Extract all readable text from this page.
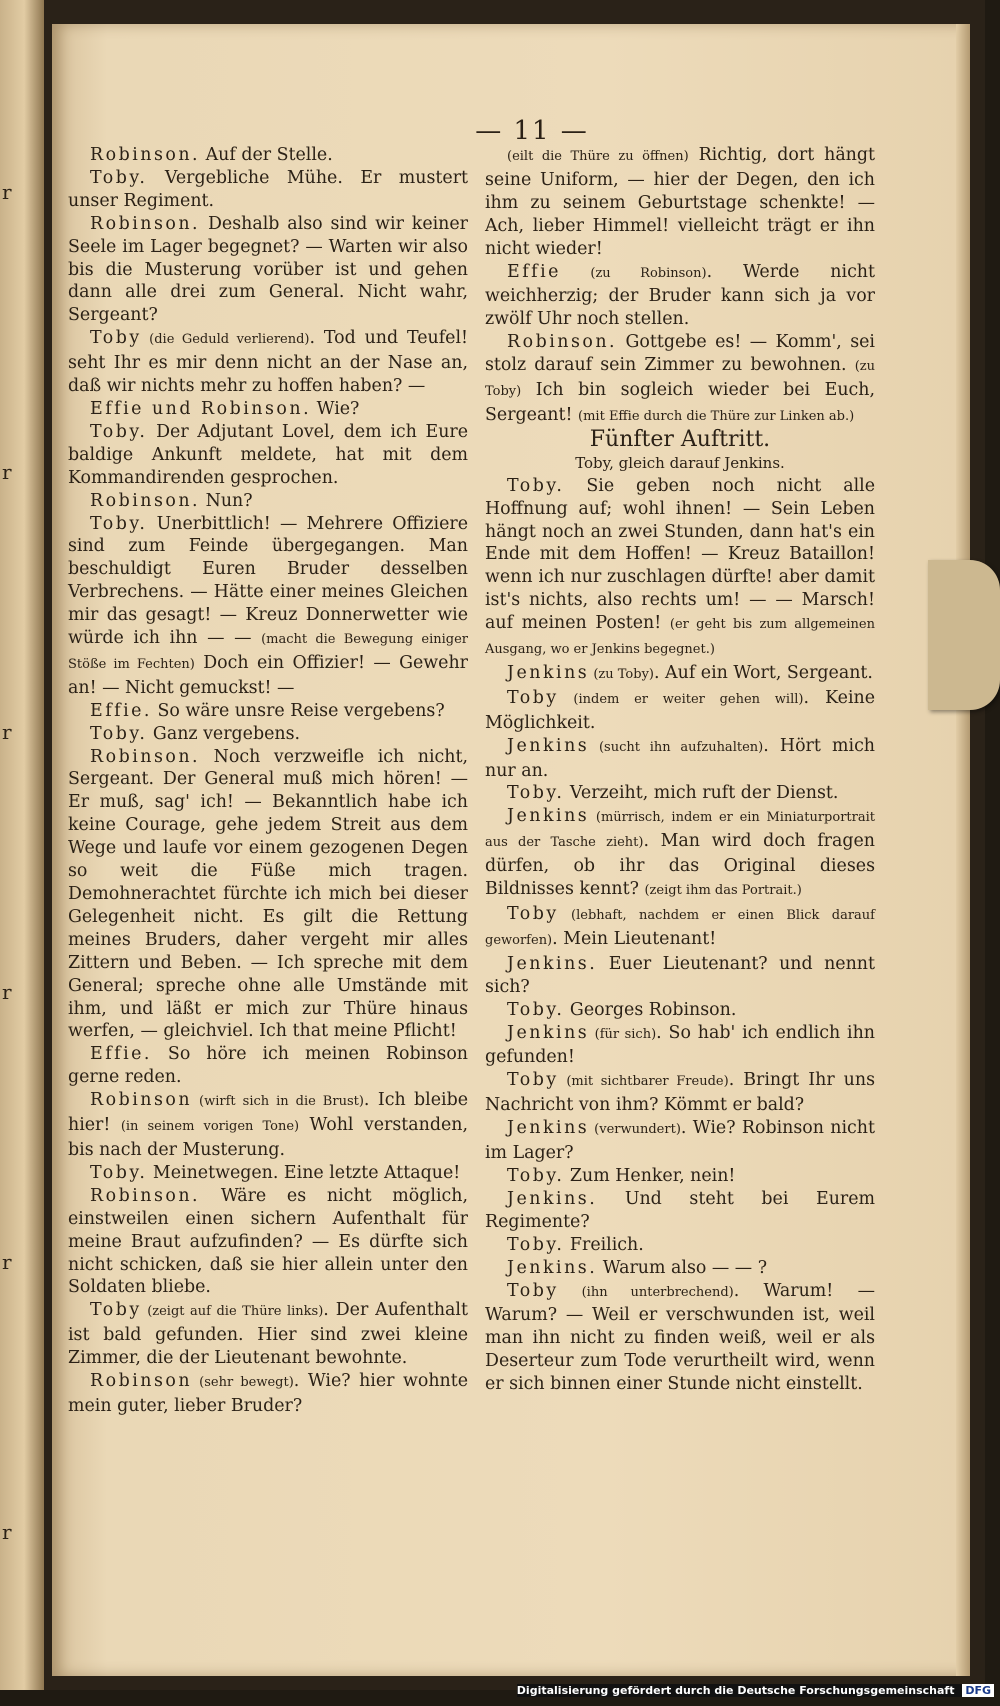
r
r
r
r
r
r
— 11 —

Robinson. Auf der Stelle.

Toby. Vergebliche Mühe. Er mustert unser Regiment.

Robinson. Deshalb also sind wir keiner Seele im Lager begegnet? — Warten wir also bis die Musterung vorüber ist und gehen dann alle drei zum General. Nicht wahr, Sergeant?

Toby (die Geduld verlierend). Tod und Teufel! seht Ihr es mir denn nicht an der Nase an, daß wir nichts mehr zu hoffen haben? —

Effie und Robinson. Wie?

Toby. Der Adjutant Lovel, dem ich Eure baldige Ankunft meldete, hat mit dem Kommandirenden gesprochen.

Robinson. Nun?

Toby. Unerbittlich! — Mehrere Offiziere sind zum Feinde übergegangen. Man beschuldigt Euren Bruder desselben Verbrechens. — Hätte einer meines Gleichen mir das gesagt! — Kreuz Donnerwetter wie würde ich ihn — — (macht die Bewegung einiger Stöße im Fechten) Doch ein Offizier! — Gewehr an! — Nicht gemuckst! —

Effie. So wäre unsre Reise vergebens?

Toby. Ganz vergebens.

Robinson. Noch verzweifle ich nicht, Sergeant. Der General muß mich hören! — Er muß, sag' ich! — Bekanntlich habe ich keine Courage, gehe jedem Streit aus dem Wege und laufe vor einem gezogenen Degen so weit die Füße mich tragen. Demohnerachtet fürchte ich mich bei dieser Gelegenheit nicht. Es gilt die Rettung meines Bruders, daher vergeht mir alles Zittern und Beben. — Ich spreche mit dem General; spreche ohne alle Umstände mit ihm, und läßt er mich zur Thüre hinaus werfen, — gleichviel. Ich that meine Pflicht!

Effie. So höre ich meinen Robinson gerne reden.

Robinson (wirft sich in die Brust). Ich bleibe hier! (in seinem vorigen Tone) Wohl verstanden, bis nach der Musterung.

Toby. Meinetwegen. Eine letzte Attaque!

Robinson. Wäre es nicht möglich, einstweilen einen sichern Aufenthalt für meine Braut aufzufinden? — Es dürfte sich nicht schicken, daß sie hier allein unter den Soldaten bliebe.

Toby (zeigt auf die Thüre links). Der Aufenthalt ist bald gefunden. Hier sind zwei kleine Zimmer, die der Lieutenant bewohnte.

Robinson (sehr bewegt). Wie? hier wohnte mein guter, lieber Bruder?

(eilt die Thüre zu öffnen) Richtig, dort hängt seine Uniform, — hier der Degen, den ich ihm zu seinem Geburtstage schenkte! — Ach, lieber Himmel! vielleicht trägt er ihn nicht wieder!

Effie (zu Robinson). Werde nicht weichherzig; der Bruder kann sich ja vor zwölf Uhr noch stellen.

Robinson. Gottgebe es! — Komm', sei stolz darauf sein Zimmer zu bewohnen. (zu Toby) Ich bin sogleich wieder bei Euch, Sergeant! (mit Effie durch die Thüre zur Linken ab.)

Fünfter Auftritt.

Toby, gleich darauf Jenkins.

Toby. Sie geben noch nicht alle Hoffnung auf; wohl ihnen! — Sein Leben hängt noch an zwei Stunden, dann hat's ein Ende mit dem Hoffen! — Kreuz Bataillon! wenn ich nur zuschlagen dürfte! aber damit ist's nichts, also rechts um! — — Marsch! auf meinen Posten! (er geht bis zum allgemeinen Ausgang, wo er Jenkins begegnet.)

Jenkins (zu Toby). Auf ein Wort, Sergeant.

Toby (indem er weiter gehen will). Keine Möglichkeit.

Jenkins (sucht ihn aufzuhalten). Hört mich nur an.

Toby. Verzeiht, mich ruft der Dienst.

Jenkins (mürrisch, indem er ein Miniaturportrait aus der Tasche zieht). Man wird doch fragen dürfen, ob ihr das Original dieses Bildnisses kennt? (zeigt ihm das Portrait.)

Toby (lebhaft, nachdem er einen Blick darauf geworfen). Mein Lieutenant!

Jenkins. Euer Lieutenant? und nennt sich?

Toby. Georges Robinson.

Jenkins (für sich). So hab' ich endlich ihn gefunden!

Toby (mit sichtbarer Freude). Bringt Ihr uns Nachricht von ihm? Kömmt er bald?

Jenkins (verwundert). Wie? Robinson nicht im Lager?

Toby. Zum Henker, nein!

Jenkins. Und steht bei Eurem Regimente?

Toby. Freilich.

Jenkins. Warum also — — ?

Toby (ihn unterbrechend). Warum! — Warum? — Weil er verschwunden ist, weil man ihn nicht zu finden weiß, weil er als Deserteur zum Tode verurtheilt wird, wenn er sich binnen einer Stunde nicht einstellt.

Digitalisierung gefördert durch die Deutsche Forschungsgemeinschaft DFG
